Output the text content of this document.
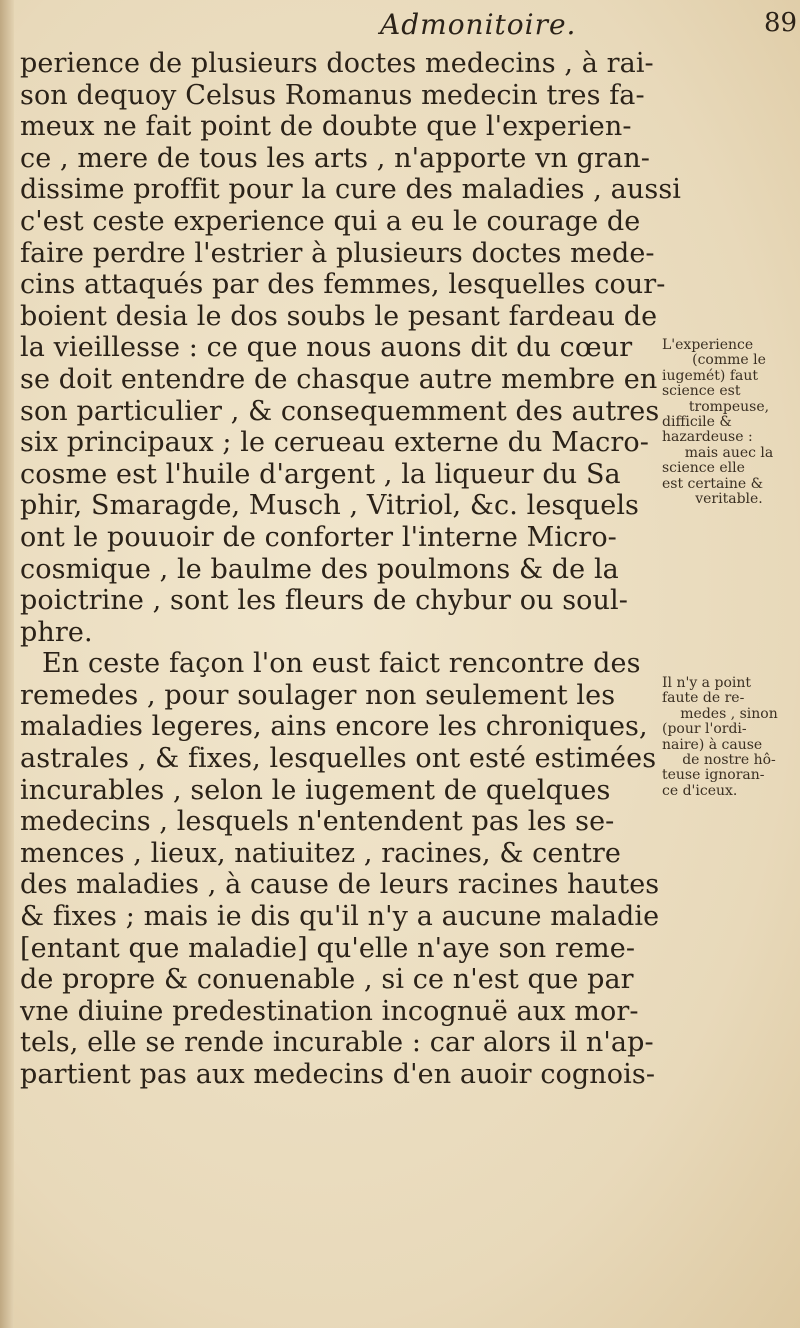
Admonitoire.	89
perience de plusieurs doctes medecins , à rai-
son dequoy Celsus Romanus medecin tres fa-
meux ne fait point de doubte que l'experien-
ce , mere de tous les arts , n'apporte vn gran-
dissime proffit pour la cure des maladies , aussi
c'est ceste experience qui a eu le courage de
faire perdre l'estrier à plusieurs doctes mede-
cins attaqués par des femmes, lesquelles cour-
boient desia le dos soubs le pesant fardeau de
la vieillesse : ce que nous auons dit du cœur
se doit entendre de chasque autre membre en
son particulier , & consequemment des autres
six principaux ; le cerueau externe du Macro-
cosme est l'huile d'argent , la liqueur du Sa
phir, Smaragde, Musch , Vitriol, &c. lesquels
ont le pouuoir de conforter l'interne Micro-
cosmique , le baulme des poulmons & de la
poictrine , sont les fleurs de chybur ou soul-
phre.
En ceste façon l'on eust faict rencontre des
remedes , pour soulager non seulement les
maladies legeres, ains encore les chroniques,
astrales , & fixes, lesquelles ont esté estimées
incurables , selon le iugement de quelques
medecins , lesquels n'entendent pas les se-
mences , lieux, natiuitez , racines, & centre
des maladies , à cause de leurs racines hautes
& fixes ; mais ie dis qu'il n'y a aucune maladie
[entant que maladie] qu'elle n'aye son reme-
de propre & conuenable , si ce n'est que par
vne diuine predestination incognuë aux mor-
tels, elle se rende incurable : car alors il n'ap-
partient pas aux medecins d'en auoir cognois-
L'experience
(comme le
iugemét) faut
science est
trompeuse,
difficile &
hazardeuse :
mais auec la
science elle
est certaine &
veritable.
Il n'y a point
faute de re-
medes , sinon
(pour l'ordi-
naire) à cause
de nostre hô-
teuse ignoran-
ce d'iceux.
